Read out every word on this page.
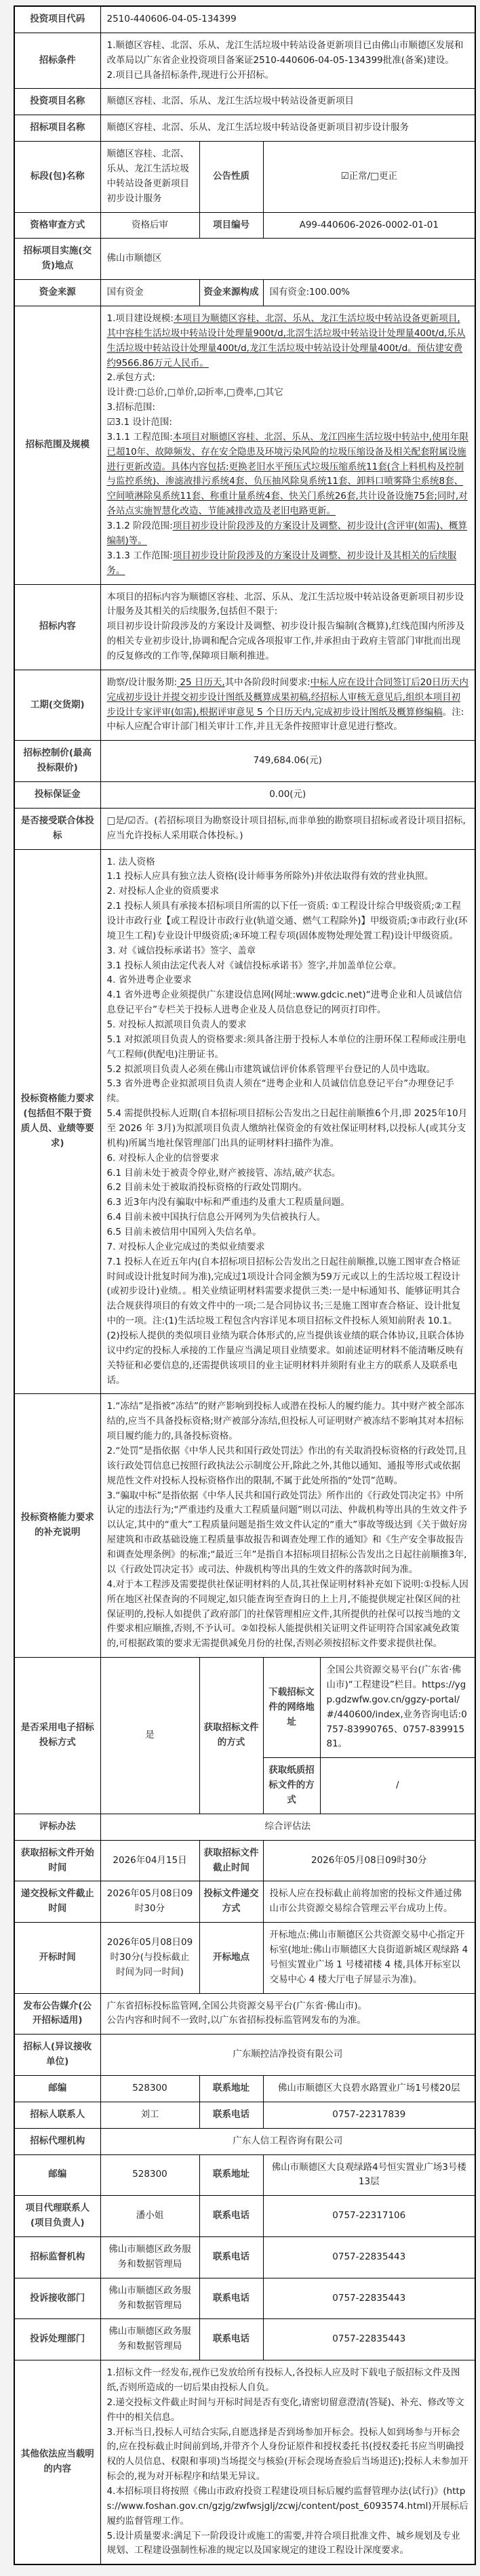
投资项目代码	2510-440606-04-05-134399			
招标条件	1.顺德区容桂、北滘、乐从、龙江生活垃圾中转站设备更新项目已由佛山市顺德区发展和改革局以广东省企业投资项目备案证2510-440606-04-05-134399批准(备案)建设。
2.项目已具备招标条件,现进行公开招标。			

投资项目名称	顺德区容桂、北滘、乐从、龙江生活垃圾中转站设备更新项目			
招标项目名称	顺德区容桂、北滘、乐从、龙江生活垃圾中转站设备更新项目初步设计服务			
标段(包)名称	顺德区容桂、北滘、乐从、龙江生活垃圾中转站设备更新项目初步设计服务	公告性质	☑正常/□更正	
资格审查方式	资格后审	项目编号	A99-440606-2026-0002-01-01	
招标项目实施(交货)地点	佛山市顺德区			
资金来源	国有资金	资金来源构成	国有资金:100.00%	
招标范围及规模	
1.项目建设规模:本项目为顺德区容桂、北滘、乐从、龙江生活垃圾中转站设备更新项目,其中容桂生活垃圾中转站设计处理量900t/d,北滘生活垃圾中转站设计处理量400t/d,乐从生活垃圾中转站设计处理量400t/d,龙江生活垃圾中转站设计处理量400t/d。预估建安费约9566.86万元人民币。
2.承包方式:
设计费:□总价,□单价,☑折率,□费率,□其它
3.招标范围:
☑3.1 设计范围:
3.1.1 工程范围:本项目对顺德区容桂、北滘、乐从、龙江四座生活垃圾中转站中,使用年限已超10年、故障频发、存在安全隐患及环境污染风险的垃圾压缩设备及相关配套附属设施进行更新改造。具体内容包括:更换老旧水平预压式垃圾压缩系统11套(含上料机构及控制与监控系统)、渗滤液排污系统4套、负压抽风除臭系统11套、卸料口喷雾降尘系统8套、空间喷淋除臭系统11套、称重计量系统4套、快关门系统26套,共计设备设施75套;同时,对各站点实施智慧化改造、节能减排改造及老旧电路更新。
3.1.2 阶段范围:项目初步设计阶段涉及的方案设计及调整、初步设计(含评审(如需)、概算编制)等。
3.1.3 工作范围:项目初步设计阶段涉及的方案设计及调整、初步设计及其相关的后续服务。

招标内容	本项目的招标内容为顺德区容桂、北滘、乐从、龙江生活垃圾中转站设备更新项目初步设计服务及其相关的后续服务,包括但不限于:
项目初步设计阶段涉及的方案设计及调整、初步设计报告编制(含概算),红线范围内所涉及的相关专业初步设计,协调和配合完成各项报审工作,并承担由于政府主管部门审批而出现的反复修改的工作等,保障项目顺利推进。			

工期(交货期)	勘察/设计服务期: 25 日历天,其中各阶段时间要求:中标人应在设计合同签订后20日历天内完成初步设计并提交初步设计图纸及概算成果初稿,经招标人审核无意见后,组织本项目初步设计专家评审(如需),根据评审意见 5 个日历天内,完成初步设计图纸及概算修编稿。注:中标人应配合审计部门相关审计工作,并且无条件按照审计意见进行整改。			

招标控制价(最高投标限价)	749,684.06(元)			
投标保证金	0.00(元)			
是否接受联合体投标	□是/☑否。(若招标项目为勘察设计项目招标,而非单独的勘察项目招标或者设计项目招标,应当允许投标人采用联合体投标。)			
投标资格能力要求(包括但不限于资质人员、业绩等要求)	
1. 法人资格
1.1 投标人应具有独立法人资格(设计师事务所除外)并依法取得有效的营业执照。
2. 对投标人企业的资质要求
2.1 投标人须具有承接本招标项目所需的以下任一资质: ①工程设计综合甲级资质;②工程设计市政行业【或工程设计市政行业(轨道交通、燃气工程除外)】甲级资质;③市政行业(环境卫生工程)专业设计甲级资质;④环境工程专项(固体废物处理处置工程)设计甲级资质。
3. 对《诚信投标承诺书》签字、盖章
3.1 投标人须由法定代表人对《诚信投标承诺书》签字,并加盖单位公章。
4. 省外进粤企业要求
4.1 省外进粤企业须提供广东建设信息网(网址:www.gdcic.net)“进粤企业和人员诚信信息登记平台”专栏关于投标人进粤企业及人员信息登记的网页打印件。
5. 对投标人拟派项目负责人的要求
5.1 对拟派项目负责人的资格要求:须具备注册于投标人本单位的注册环保工程师或注册电气工程师(供配电)注册证书。
5.2 拟派项目负责人必须在佛山市建筑诚信评价体系管理平台登记的人员中选取。
5.3 省外进粤企业拟派项目负责人须在“进粤企业和人员诚信信息登记平台”办理登记手续。
5.4 需提供投标人近期(自本招标项目招标公告发出之日起往前顺推6个月,即 2025年10月至 2026 年 3月)为拟派项目负责人缴纳社保资金的有效社保证明材料,以投标人(或其分支机构)所属当地社保管理部门出具的证明材料扫描件为准。
6. 对投标人企业的信誉要求
6.1 目前未处于被责令停业,财产被接管、冻结,破产状态。
6.2 目前未处于被取消投标资格的行政处罚期内。
6.3 近3年内没有骗取中标和严重违约及重大工程质量问题。
6.4 目前未被中国执行信息公开网列为失信被执行人。
6.5 目前未被信用中国列入失信名单。
7. 对投标人企业完成过的类似业绩要求
7.1 投标人在近五年内(自本招标项目招标公告发出之日起往前顺推,以施工图审查合格证时间或设计批复时间为准),完成过1项设计合同金额为59万元或以上的生活垃圾工程设计(或初步设计)业绩。。相关业绩证明材料需要求提供三类:一是中标通知书、能够证明其合法合规获得项目的有效文件中的一项;二是合同协议书;三是施工图审查合格证、设计批复中的一项。注:(1)生活垃圾工程包含内容详见本项目招标文件投标人须知前附表 10.1。(2)投标人提供的类似项目业绩为联合体形式的,应当提供该业绩的联合体协议,且联合体协议中约定的投标人承接的工作量应当满足项目业绩要求。如前述证明材料不能清晰反映有关特征和必要信息的,还需提供该项目的业主证明材料并须附有业主方的联系人及联系电话。

投标资格能力要求的补充说明	1.“冻结”是指被“冻结”的财产影响到投标人或潜在投标人的履约能力。其中财产被全部冻结的,应当不具备投标资格;财产被部分冻结,但投标人可证明财产被冻结不影响其对本招标项目履约能力的,具备投标资格。
2.“处罚”是指依据《中华人民共和国行政处罚法》作出的有关取消投标资格的行政处罚,且该行政处罚信息已按照行政执法公示制度公开,除此之外,其他以通知、通报等形式或依据规范性文件对投标人投标资格作出的限制,不属于此处所指的“处罚”范畴。
3.“骗取中标”是指依据《中华人民共和国行政处罚法》所作出的《行政处罚决定书》中所认定的违法行为;“严重违约及重大工程质量问题”则以司法、仲裁机构等出具的生效文件予以认定,其中的“重大”工程质量问题是指生效文件认定的“重大”事故等级达到《关于做好房屋建筑和市政基础设施工程质量事故报告和调查处理工作的通知》和《生产安全事故报告和调查处理条例》的标准;“最近三年”是指自本招标项目招标公告发出之日起往前顺推3年,以《行政处罚决定书》或司法、仲裁机构等出具的生效文件的落款时间为准。
4.对于本工程涉及需要提供社保证明材料的人员,其社保证明材料补充如下说明:①投标人因所在地区社保查询的不同规定,如只能查询至查询日的上上月,不能提供规定社保区间的社保证明的,投标人如提供了政府部门的社保管理相应文件,其所提供的社保可以按当地的文件要求相应顺推,否则,不予认可。②如投标人能提供相关证明文件证明符合国家减免政策的,可根据政策的要求无需提供减免月份的社保,否则必须按招标文件要求提供社保。			

是否采用电子招标投标方式	是	获取招标文件的方式	下载招标文件的网络地址	全国公共资源交易平台(广东省·佛山市)“工程建设”栏目。https://ygp.gdzwfw.gov.cn/ggzy-portal/#/440600/index,业务咨询电话:0757-83990765、0757-83991581。
			获取纸质招标文件的方式	/
评标办法	综合评估法			
获取招标文件开始时间	2026年04月15日	获取招标文件截止时间	2026年05月08日09时30分	
递交投标文件截止时间	2026年05月08日09时30分	投标文件递交方式	投标人应在投标截止前将加密的投标文件通过佛山市公共资源交易综合管理云平台成功上传。	
开标时间	2026年05月08日09时30分(与投标截止时间为同一时间)	开标地点	开标地点:佛山市顺德区公共资源交易中心指定开标室(地址:佛山市顺德区大良街道新城区观绿路 4 号恒实置业广场 1 号楼裙楼 4 楼,具体开标室以交易中心 4 楼大厅电子屏显示为准)。	
发布公告媒介(公开招标适用)	广东省招标投标监管网,全国公共资源交易平台(广东省·佛山市)。
公告内容和时间不一致时,以广东省招标投标监管网发布的为准。			

招标人(异议接收单位)	广东顺控洁净投资有限公司			
邮编	528300	联系地址	佛山市顺德区大良碧水路置业广场1号楼20层	
招标人联系人	刘工	联系电话	0757-22317839	
招标代理机构	广东人信工程咨询有限公司			
邮编	528300	联系地址	佛山市顺德区大良观绿路4号恒实置业广场3号楼13层	
项目代理联系人(项目负责人)	潘小姐	联系电话	0757-22317106	
招标监督机构	佛山市顺德区政务服务和数据管理局	联系电话	0757-22835443	
投诉接收部门	佛山市顺德区政务服务和数据管理局	联系电话	0757-22835443	
投诉处理部门	佛山市顺德区政务服务和数据管理局	联系电话	0757-22835443	
其他依法应当载明的内容	1.招标文件一经发布,视作已发放给所有投标人,各投标人应及时下载电子版招标文件及图纸,否则所造成的一切后果由投标人自负。
2.递交投标文件截止时间与开标时间是否有变化,请密切留意澄清(答疑)、补充、修改等文件中的相关信息。
3.开标当日,投标人可结合实际,自愿选择是否到场参加开标会。投标人如到场参与开标会的,应在投标截止时间前到场,并带齐个人身份证原件和授权委托书(授权委托书应当明确授权的人员信息、权限和事项)当场提交与核验(开标会现场查验后当场退还);投标人未参加开标会的,视为对开标程序和结果无异议。
4.本招标项目将按照《佛山市政府投资工程建设项目标后履约监督管理办法(试行)》(https://www.foshan.gov.cn/gzjg/zwfwsjglj/zcwj/content/post_6093574.html)开展标后履约监督管理工作。
5.设计质量要求:满足下一阶段设计或施工的需要,并符合项目批准文件、城乡规划及专业规划、工程建设强制性标准的规定以及国家规定的建设工程设计深度要求。			
